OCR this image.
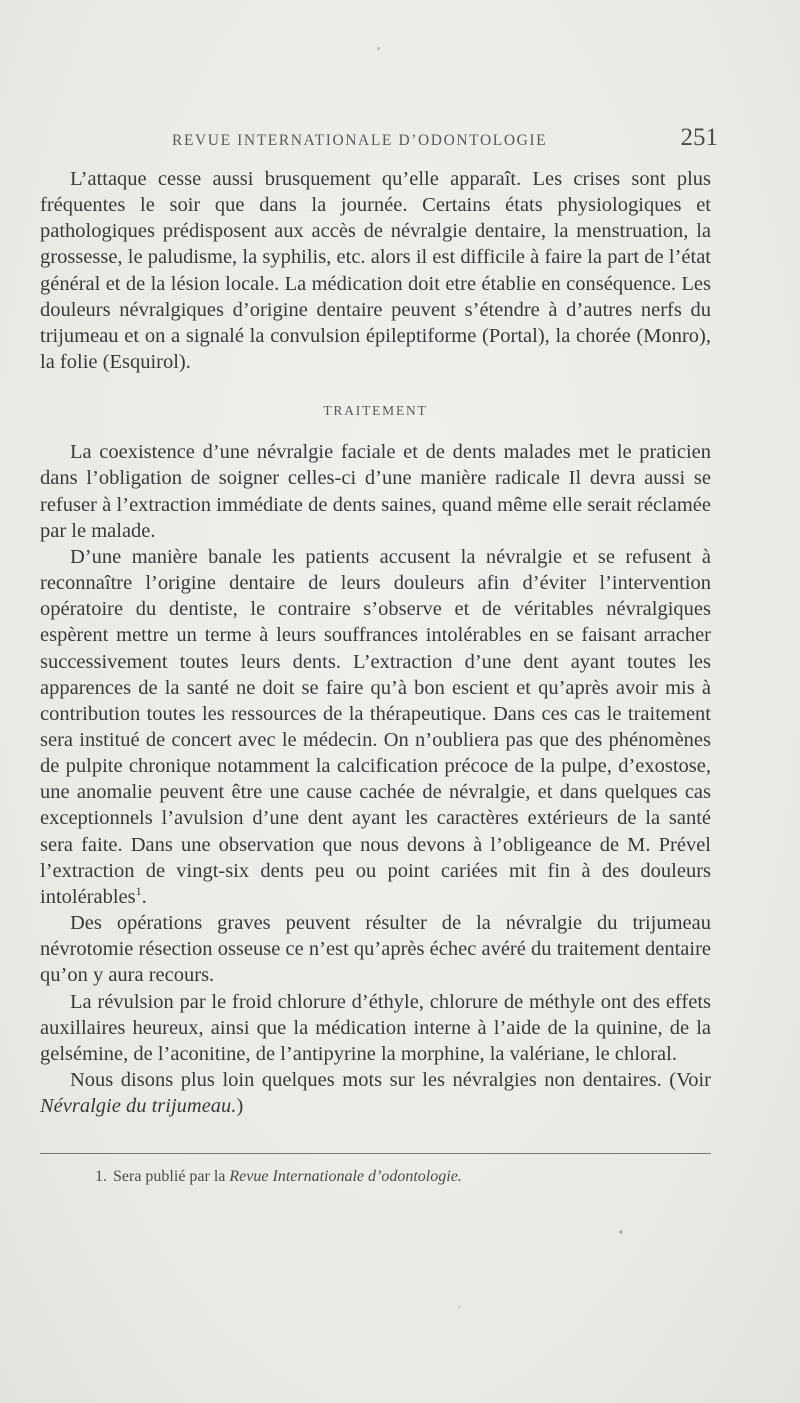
REVUE INTERNATIONALE D’ODONTOLOGIE	251

L’attaque cesse aussi brusquement qu’elle apparaît. Les crises sont plus fréquentes le soir que dans la journée. Certains états physiologiques et pathologiques prédisposent aux accès de névralgie dentaire, la menstruation, la grossesse, le paludisme, la syphilis, etc. alors il est difficile à faire la part de l’état général et de la lésion locale. La médication doit etre établie en conséquence. Les douleurs névralgiques d’origine dentaire peuvent s’étendre à d’autres nerfs du trijumeau et on a signalé la convulsion épileptiforme (Portal), la chorée (Monro), la folie (Esquirol).

TRAITEMENT

La coexistence d’une névralgie faciale et de dents malades met le praticien dans l’obligation de soigner celles-ci d’une manière radicale Il devra aussi se refuser à l’extraction immédiate de dents saines, quand même elle serait réclamée par le malade.

D’une manière banale les patients accusent la névralgie et se refusent à reconnaître l’origine dentaire de leurs douleurs afin d’éviter l’intervention opératoire du dentiste, le contraire s’observe et de véritables névralgiques espèrent mettre un terme à leurs souffrances intolérables en se faisant arracher successivement toutes leurs dents. L’extraction d’une dent ayant toutes les apparences de la santé ne doit se faire qu’à bon escient et qu’après avoir mis à contribution toutes les ressources de la thérapeutique. Dans ces cas le traitement sera institué de concert avec le médecin. On n’oubliera pas que des phénomènes de pulpite chronique notamment la calcification précoce de la pulpe, d’exostose, une anomalie peuvent être une cause cachée de névralgie, et dans quelques cas exceptionnels l’avulsion d’une dent ayant les caractères extérieurs de la santé sera faite. Dans une observation que nous devons à l’obligeance de M. Prével l’extraction de vingt-six dents peu ou point cariées mit fin à des douleurs intolérables$^1$.

Des opérations graves peuvent résulter de la névralgie du trijumeau névrotomie résection osseuse ce n’est qu’après échec avéré du traitement dentaire qu’on y aura recours.

La révulsion par le froid chlorure d’éthyle, chlorure de méthyle ont des effets auxillaires heureux, ainsi que la médication interne à l’aide de la quinine, de la gelsémine, de l’aconitine, de l’antipyrine la morphine, la valériane, le chloral.

Nous disons plus loin quelques mots sur les névralgies non dentaires. (Voir Névralgie du trijumeau.)

1. Sera publié par la Revue Internationale d’odontologie.
